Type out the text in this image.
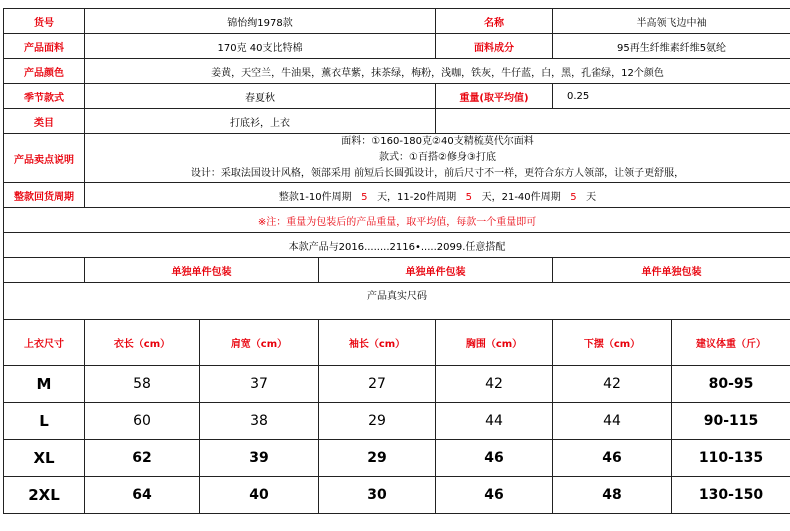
货号	锦怡绚1978款			名称	半高领飞边中袖	
产品面料	170克 40支比特棉			面料成分	95再生纤维素纤维5氨纶	
产品颜色	姜黄，天空兰，牛油果，薰衣草紫，抹茶绿，梅粉，浅咖，铁灰，牛仔蓝，白，黑，孔雀绿，12个颜色					
季节款式	春夏秋			重量(取平均值)	0.25	
类目	打底衫，上衣					
产品卖点说明	面料：①160-180克②40支精梳莫代尔面料
款式：①百搭②修身③打底
设计：采取法国设计风格，领部采用 前短后长圆弧设计，前后尺寸不一样，更符合东方人领部，让领子更舒服，					

整款回货周期	整款1-10件周期 5 天，11-20件周期 5 天，21-40件周期 5 天					
※注：重量为包装后的产品重量，取平均值，每款一个重量即可						
本款产品与2016........2116•.....2099.任意搭配						
	单独单件包装		单独单件包装		单件单独包装	
产品真实尺码						
上衣尺寸	衣长（cm）	肩宽（cm）	袖长（cm）	胸围（cm）	下摆（cm）	建议体重（斤）
M	58	37	27	42	42	80-95
L	60	38	29	44	44	90-115
XL	62	39	29	46	46	110-135
2XL	64	40	30	46	48	130-150
